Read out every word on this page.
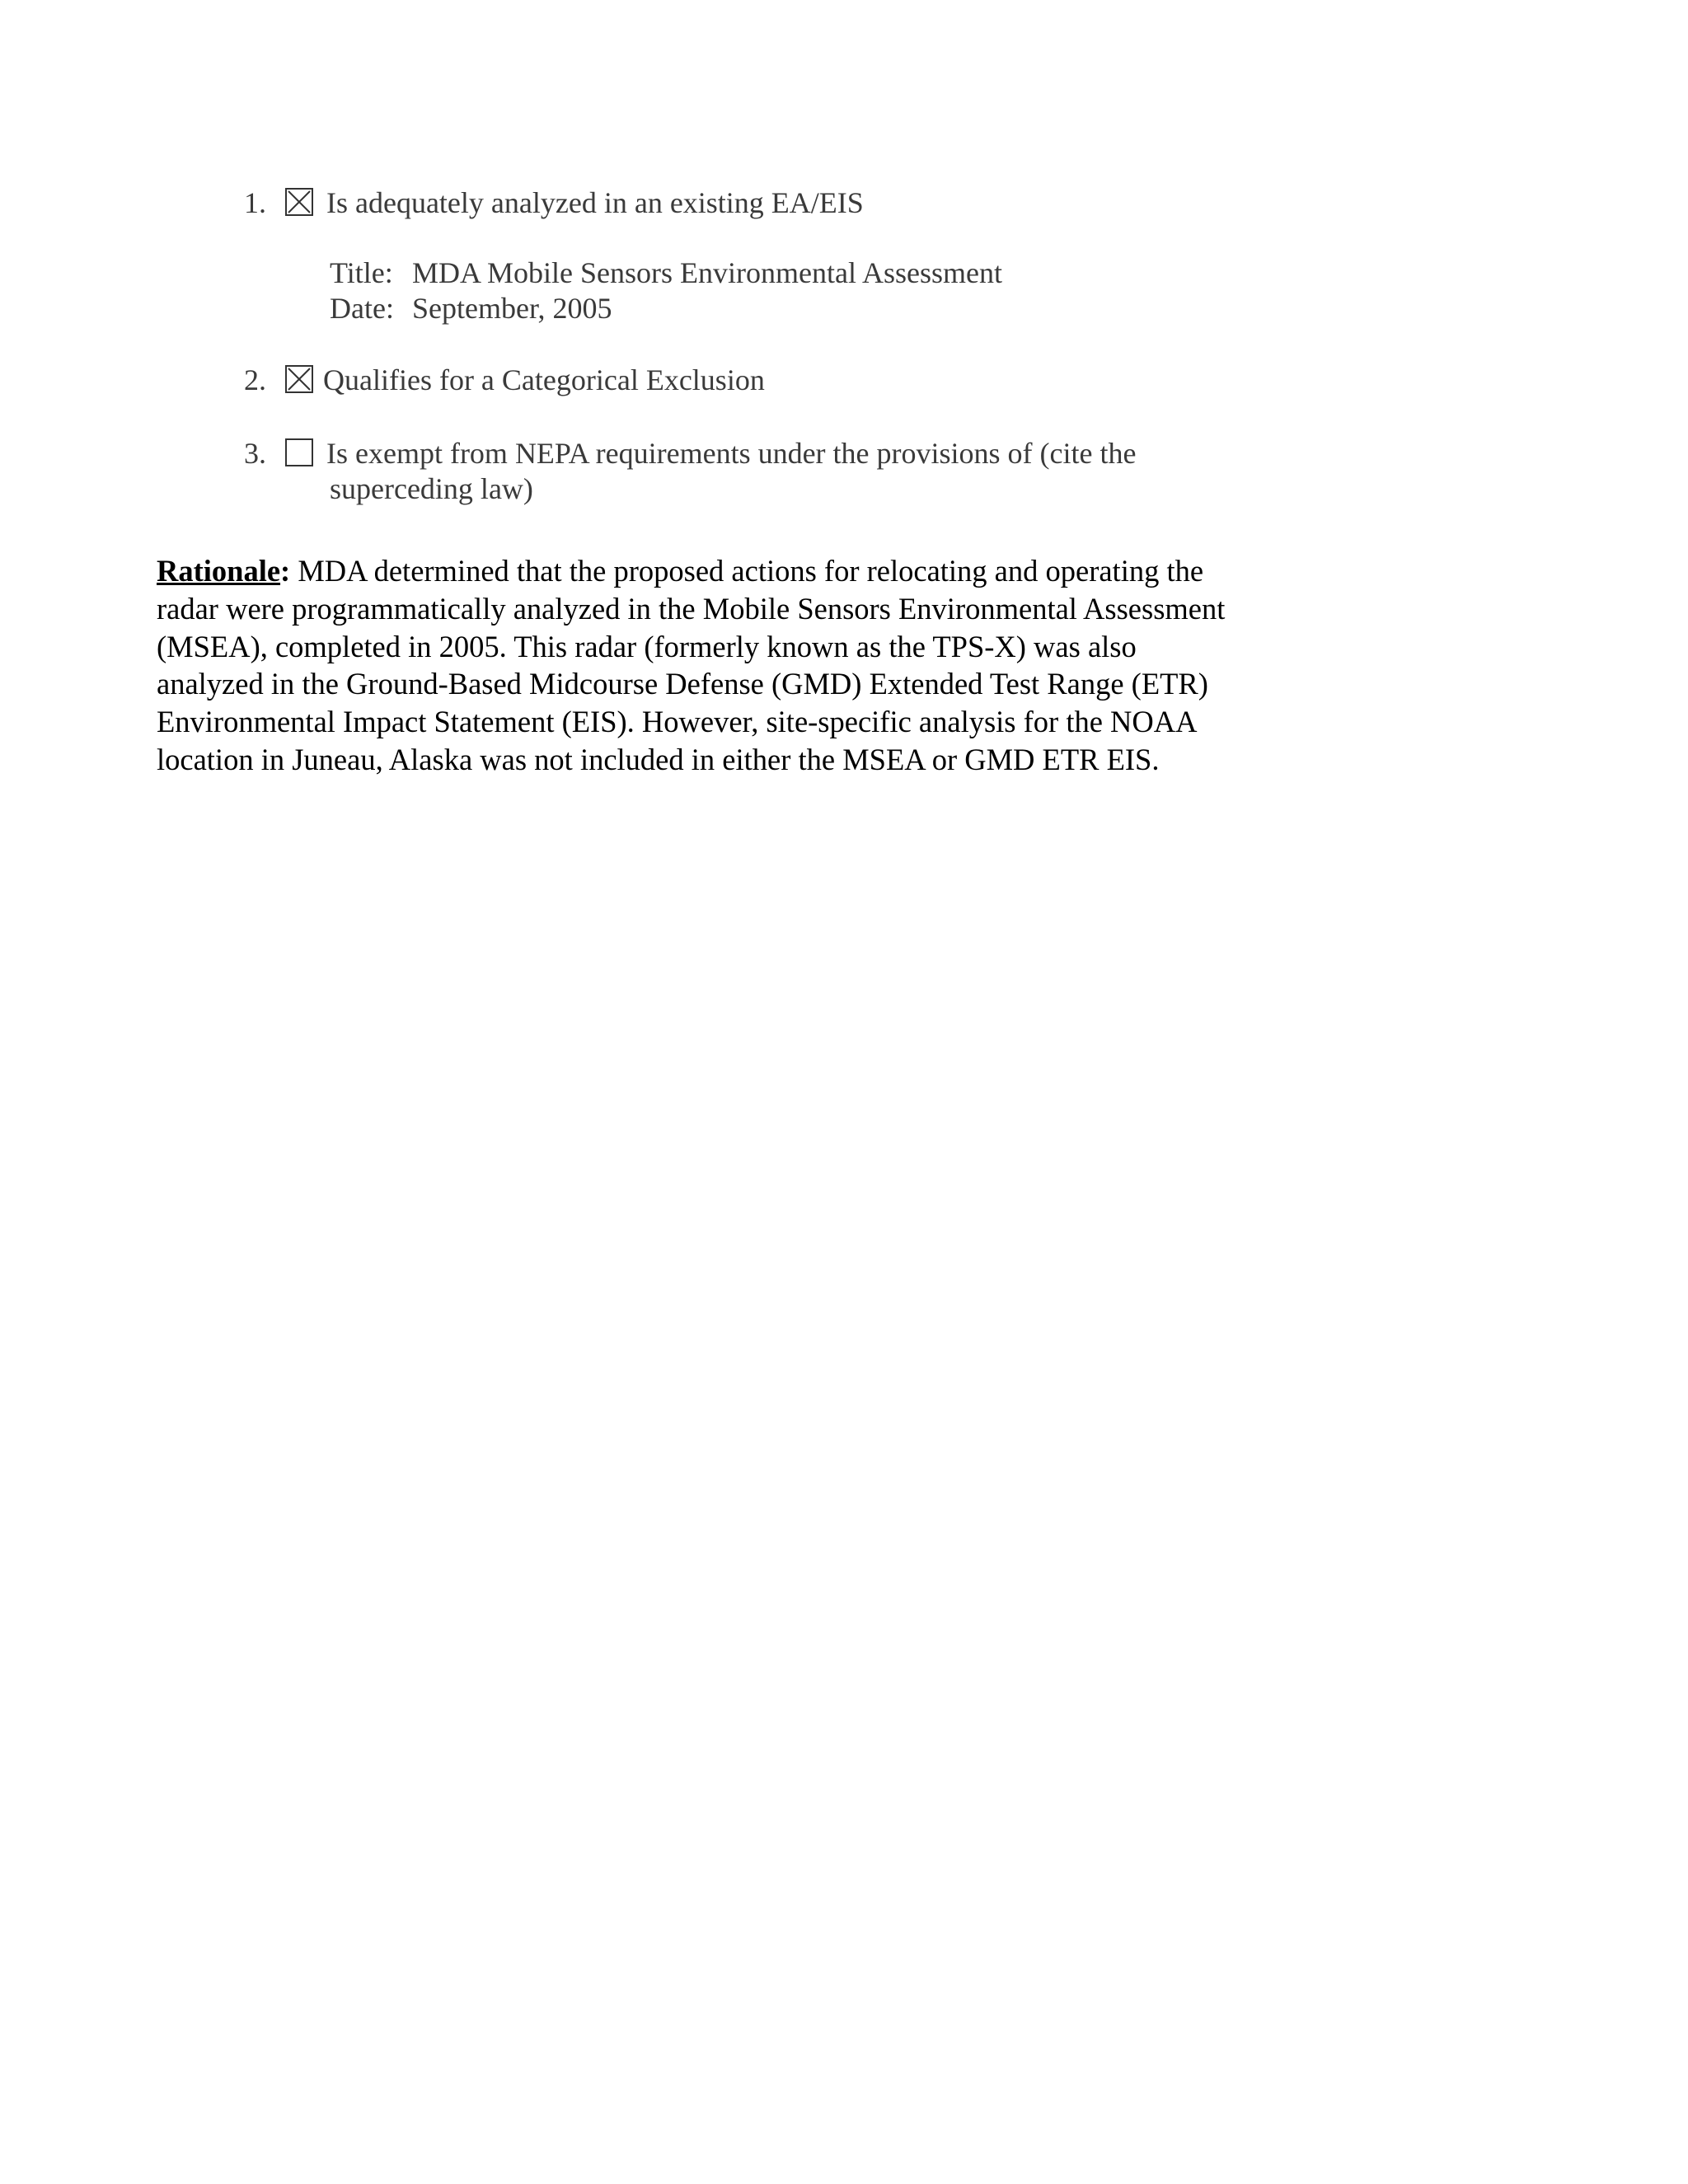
1.	Is adequately analyzed in an existing EA/EIS
Title: MDA Mobile Sensors Environmental Assessment
Date: September, 2005
2.	Qualifies for a Categorical Exclusion
3.	Is exempt from NEPA requirements under the provisions of (cite the
superceding law)
Rationale: MDA determined that the proposed actions for relocating and operating the
radar were programmatically analyzed in the Mobile Sensors Environmental Assessment
(MSEA), completed in 2005. This radar (formerly known as the TPS-X) was also
analyzed in the Ground-Based Midcourse Defense (GMD) Extended Test Range (ETR)
Environmental Impact Statement (EIS). However, site-specific analysis for the NOAA
location in Juneau, Alaska was not included in either the MSEA or GMD ETR EIS.
